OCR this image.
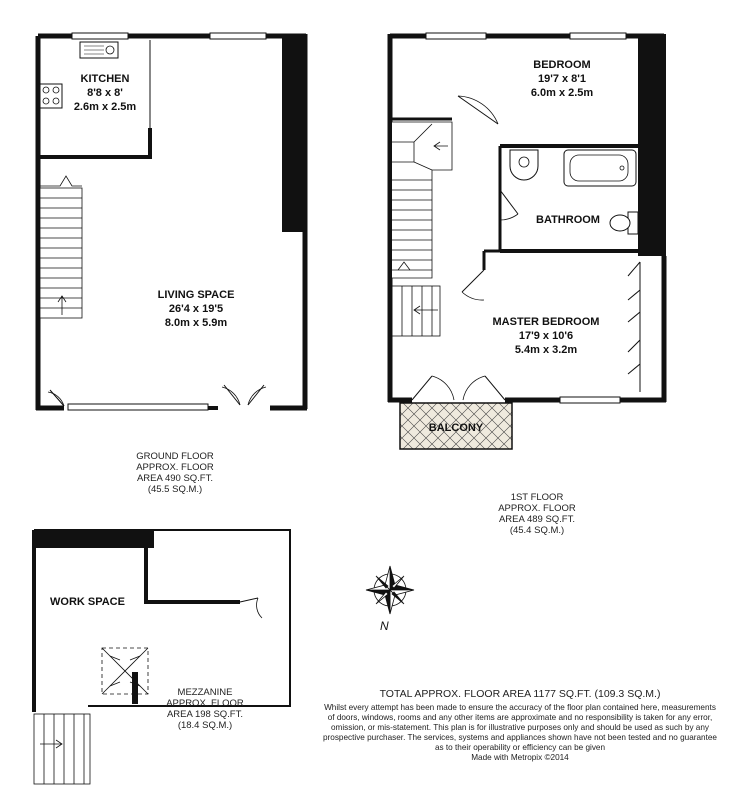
N
KITCHEN
8'8 x 8'
2.6m x 2.5m
LIVING SPACE
26'4 x 19'5
8.0m x 5.9m
BEDROOM
19'7 x 8'1
6.0m x 2.5m
BATHROOM
MASTER BEDROOM
17'9 x 10'6
5.4m x 3.2m
BALCONY
WORK SPACE
GROUND FLOOR
APPROX. FLOOR
AREA 490 SQ.FT.
(45.5 SQ.M.)
1ST FLOOR
APPROX. FLOOR
AREA 489 SQ.FT.
(45.4 SQ.M.)
MEZZANINE
APPROX. FLOOR
AREA 198 SQ.FT.
(18.4 SQ.M.)
TOTAL APPROX. FLOOR AREA 1177 SQ.FT. (109.3 SQ.M.)
Whilst every attempt has been made to ensure the accuracy of the floor plan contained here, measurements
of doors, windows, rooms and any other items are approximate and no responsibility is taken for any error,
omission, or mis-statement. This plan is for illustrative purposes only and should be used as such by any
prospective purchaser. The services, systems and appliances shown have not been tested and no guarantee
as to their operability or efficiency can be given
Made with Metropix ©2014
